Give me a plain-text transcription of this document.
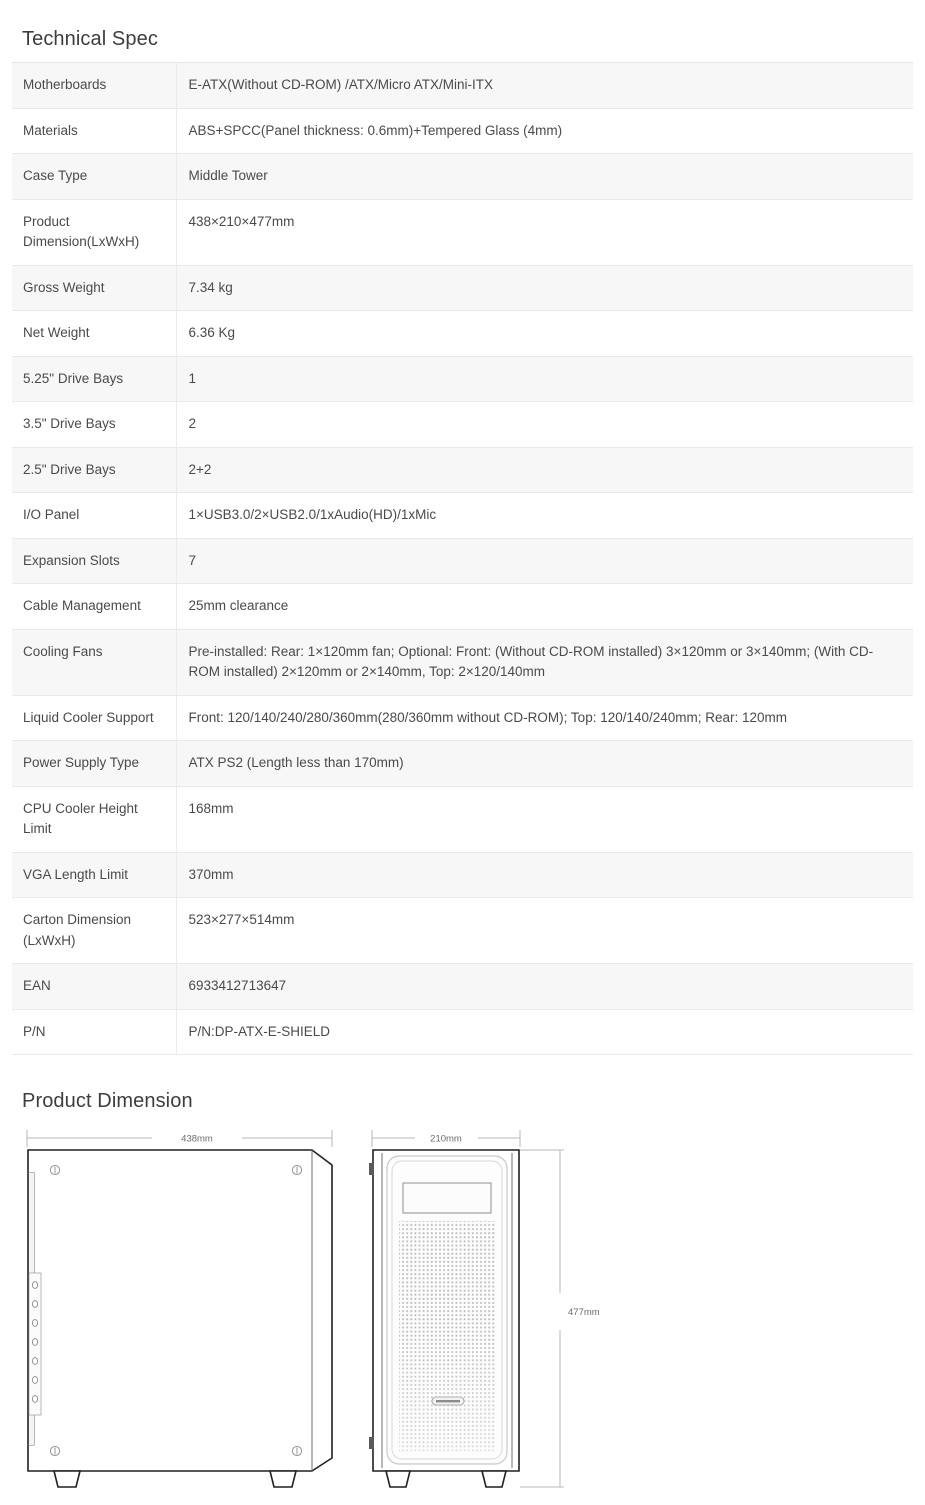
Technical Spec
Motherboards	E-ATX(Without CD-ROM) /ATX/Micro ATX/Mini-ITX
Materials	ABS+SPCC(Panel thickness: 0.6mm)+Tempered Glass (4mm)
Case Type	Middle Tower
Product Dimension(LxWxH)	438×210×477mm
Gross Weight	7.34 kg
Net Weight	6.36 Kg
5.25" Drive Bays	1
3.5" Drive Bays	2
2.5" Drive Bays	2+2
I/O Panel	1×USB3.0/2×USB2.0/1xAudio(HD)/1xMic
Expansion Slots	7
Cable Management	25mm clearance
Cooling Fans	Pre-installed: Rear: 1×120mm fan; Optional: Front: (Without CD-ROM installed) 3×120mm or 3×140mm; (With CD-ROM installed) 2×120mm or 2×140mm, Top: 2×120/140mm
Liquid Cooler Support	Front: 120/140/240/280/360mm(280/360mm without CD-ROM); Top: 120/140/240mm; Rear: 120mm
Power Supply Type	ATX PS2 (Length less than 170mm)
CPU Cooler Height Limit	168mm
VGA Length Limit	370mm
Carton Dimension (LxWxH)	523×277×514mm
EAN	6933412713647
P/N	P/N:DP-ATX-E-SHIELD
Product Dimension
438mm	210mm
477mm
